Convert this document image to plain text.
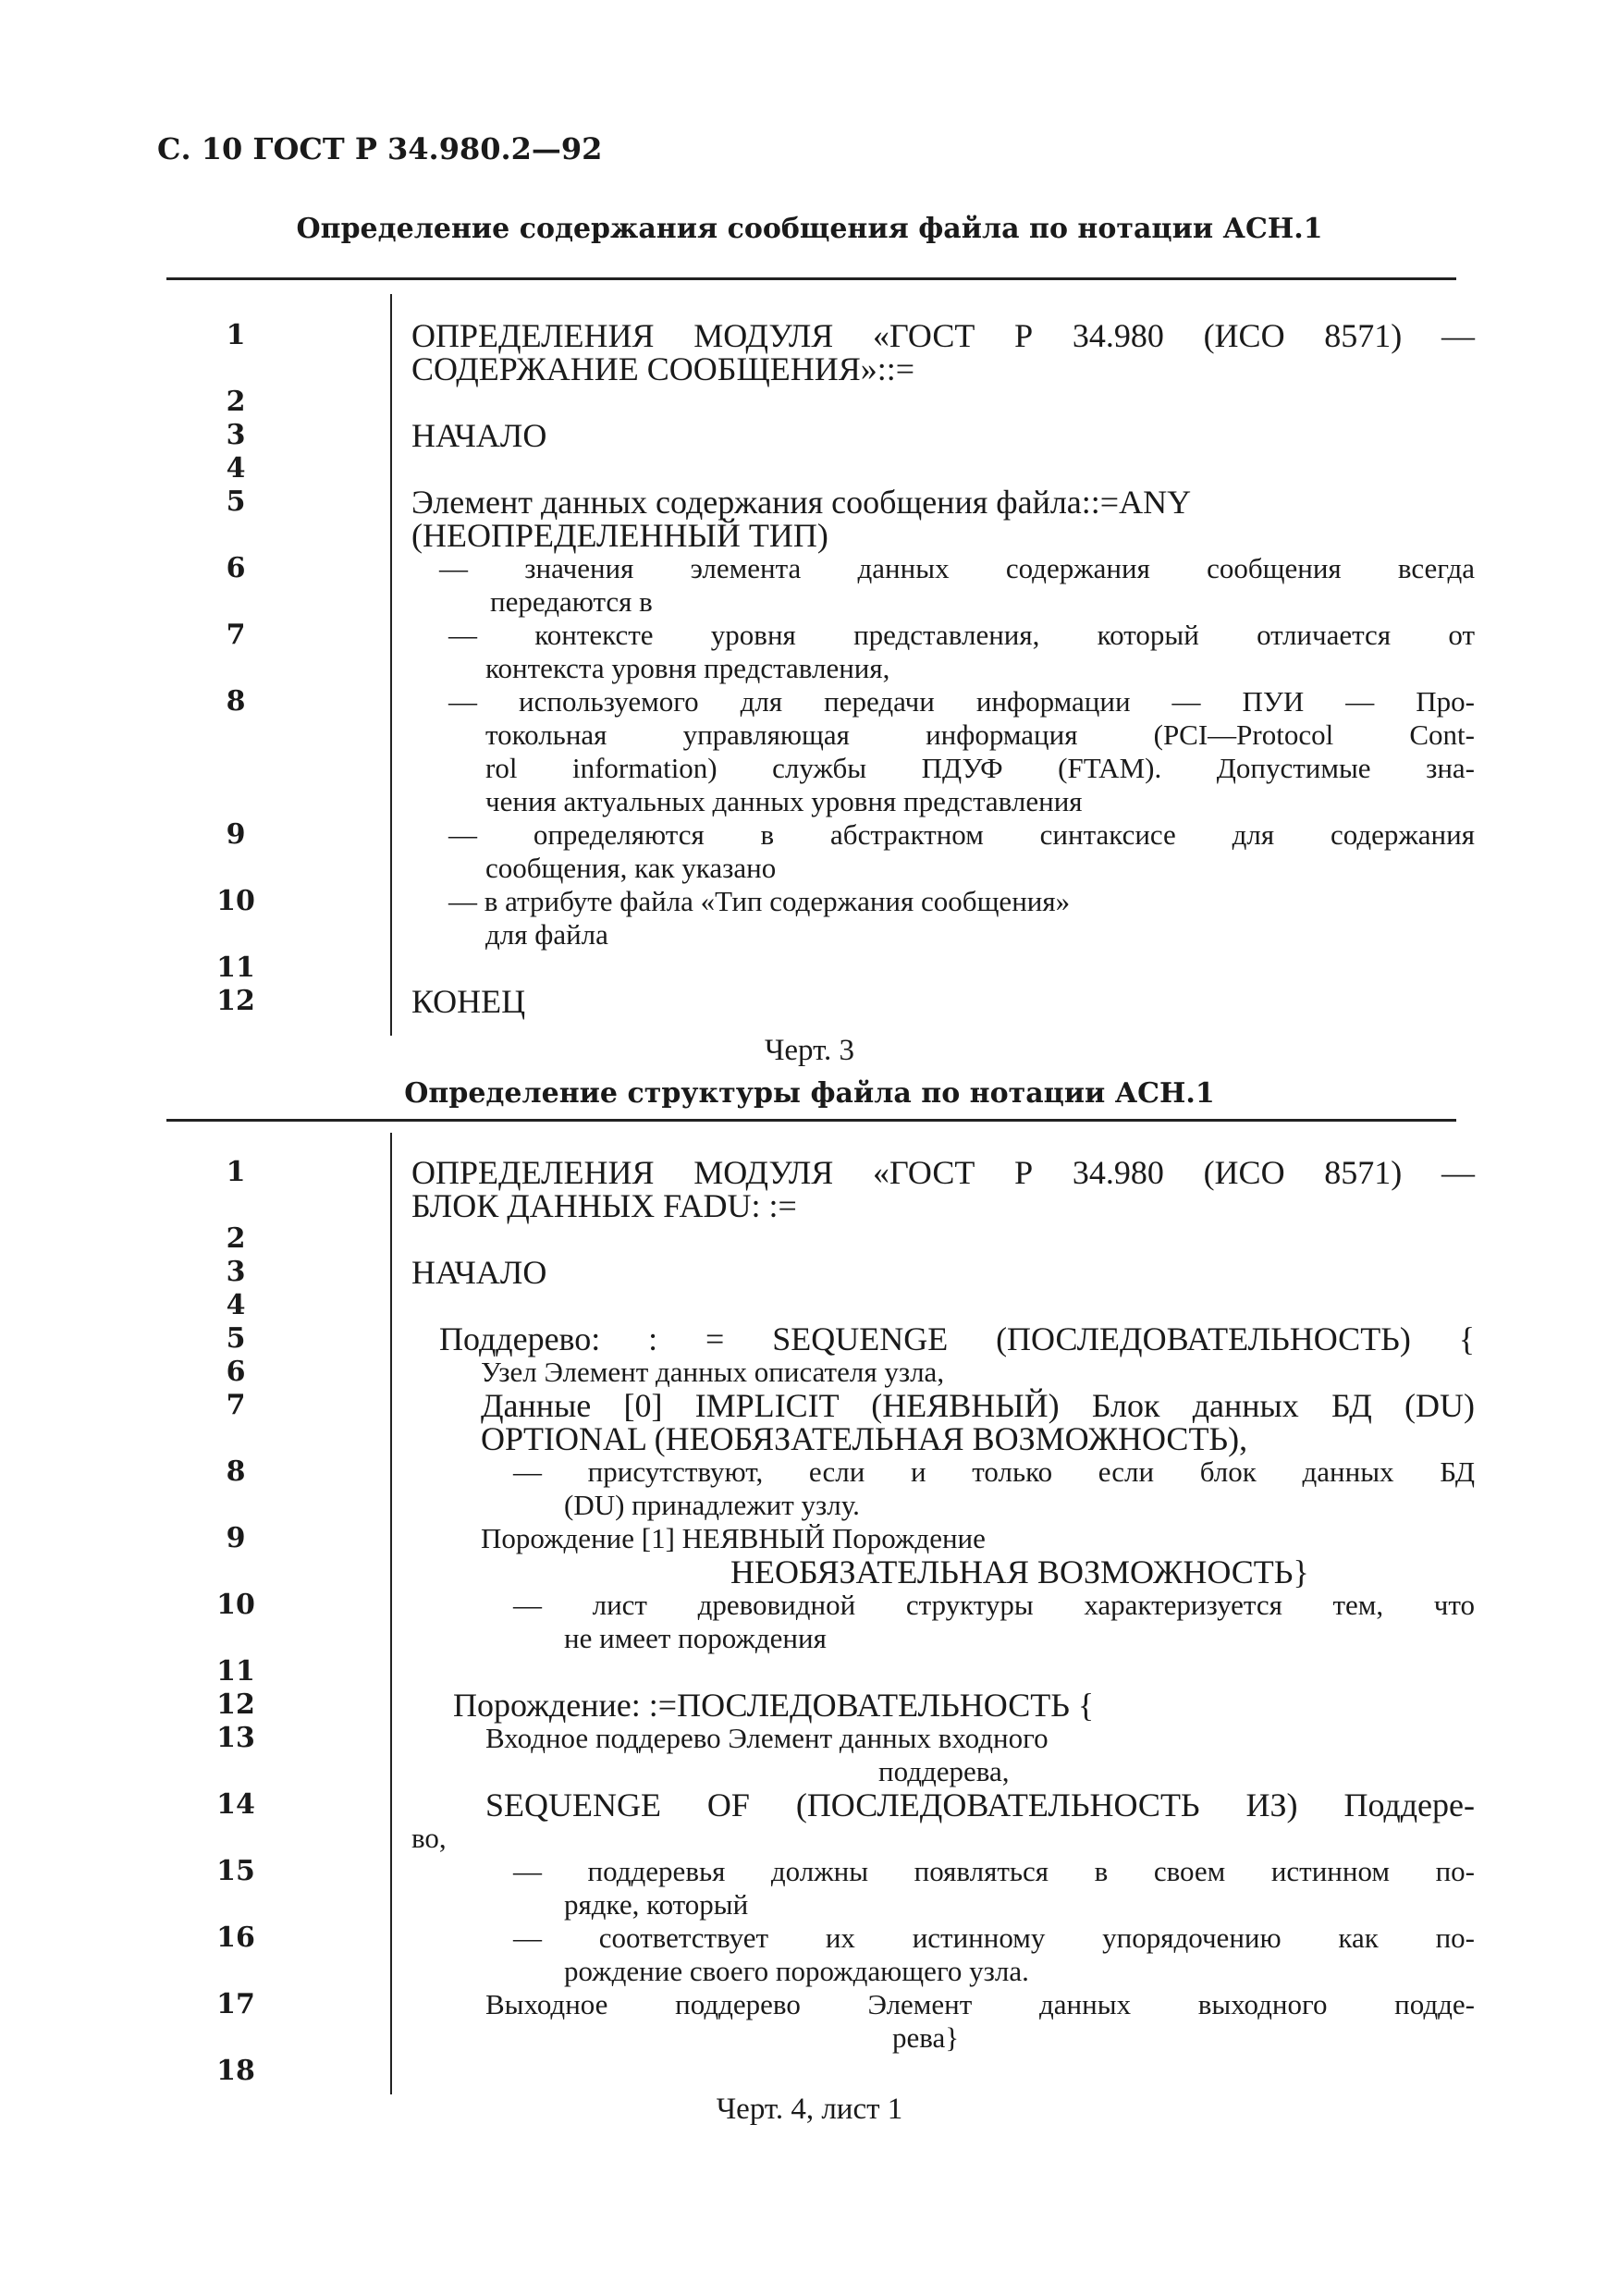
С. 10 ГОСТ Р 34.980.2—92
Определение содержания сообщения файла по нотации АСН.1
1
2
3
4
5
6
7
8
9
10
11
12
ОПРЕДЕЛЕНИЯ МОДУЛЯ «ГОСТ Р 34.980 (ИСО 8571) —
СОДЕРЖАНИЕ СООБЩЕНИЯ»::=
НАЧАЛО
Элемент данных содержания сообщения файла::=ANY
(НЕОПРЕДЕЛЕННЫЙ ТИП)
— значения элемента данных содержания сообщения всегда
передаются в
— контексте уровня представления, который отличается от
контекста уровня представления,
— используемого для передачи информации — ПУИ — Про-
токольная управляющая информация (PCI—Protocol Cont-
rol information) службы ПДУФ (FTAM). Допустимые зна-
чения актуальных данных уровня представления
— определяются в абстрактном синтаксисе для содержания
сообщения, как указано
— в атрибуте файла «Тип содержания сообщения»
для файла
КОНЕЦ
Черт. 3
Определение структуры файла по нотации АСН.1
1
2
3
4
5
6
7
8
9
10
11
12
13
14
15
16
17
18
ОПРЕДЕЛЕНИЯ МОДУЛЯ «ГОСТ Р 34.980 (ИСО 8571) —
БЛОК ДАННЫХ FADU: :=
НАЧАЛО
Поддерево: : = SEQUENGE (ПОСЛЕДОВАТЕЛЬНОСТЬ) {
Узел Элемент данных описателя узла,
Данные [0] IMPLICIT (НЕЯВНЫЙ) Блок данных БД (DU)
OPTIONAL (НЕОБЯЗАТЕЛЬНАЯ ВОЗМОЖНОСТЬ),
— присутствуют, если и только если блок данных БД
(DU) принадлежит узлу.
Порождение [1] НЕЯВНЫЙ Порождение
НЕОБЯЗАТЕЛЬНАЯ ВОЗМОЖНОСТЬ}
— лист древовидной структуры характеризуется тем, что
не имеет порождения
Порождение: :=ПОСЛЕДОВАТЕЛЬНОСТЬ {
Входное поддерево Элемент данных входного
поддерева,
SEQUENGE OF (ПОСЛЕДОВАТЕЛЬНОСТЬ ИЗ) Поддере-
во,
— поддеревья должны появляться в своем истинном по-
рядке, который
— соответствует их истинному упорядочению как по-
рождение своего порождающего узла.
Выходное поддерево Элемент данных выходного подде-
рева}
Черт. 4, лист 1
